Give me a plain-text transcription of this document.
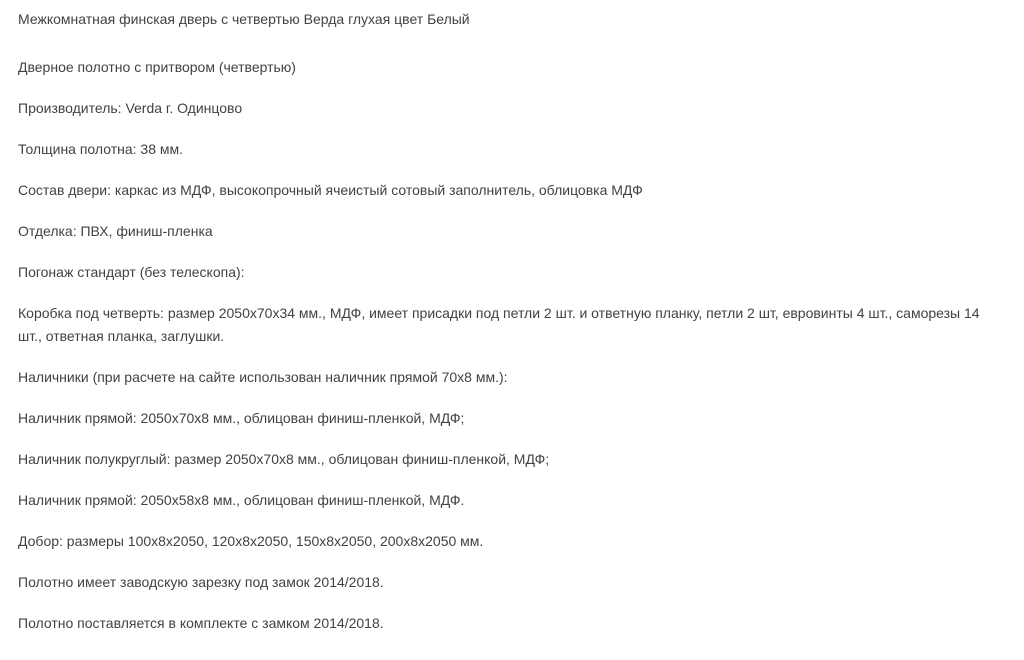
Межкомнатная финская дверь с четвертью Верда глухая цвет Белый

Дверное полотно с притвором (четвертью)

Производитель: Verda г. Одинцово

Толщина полотна: 38 мм.

Состав двери: каркас из МДФ, высокопрочный ячеистый сотовый заполнитель, облицовка МДФ

Отделка: ПВХ, финиш-пленка

Погонаж стандарт (без телескопа):

Коробка под четверть: размер 2050х70х34 мм., МДФ, имеет присадки под петли 2 шт. и ответную планку, петли 2 шт, евровинты 4 шт., саморезы 14 шт., ответная планка, заглушки.

Наличники (при расчете на сайте использован наличник прямой 70х8 мм.):

Наличник прямой: 2050х70х8 мм., облицован финиш-пленкой, МДФ;

Наличник полукруглый: размер 2050х70х8 мм., облицован финиш-пленкой, МДФ;

Наличник прямой: 2050х58х8 мм., облицован финиш-пленкой, МДФ.

Добор: размеры 100х8х2050, 120х8х2050, 150х8х2050, 200х8х2050 мм.

Полотно имеет заводскую зарезку под замок 2014/2018.

Полотно поставляется в комплекте с замком 2014/2018.
